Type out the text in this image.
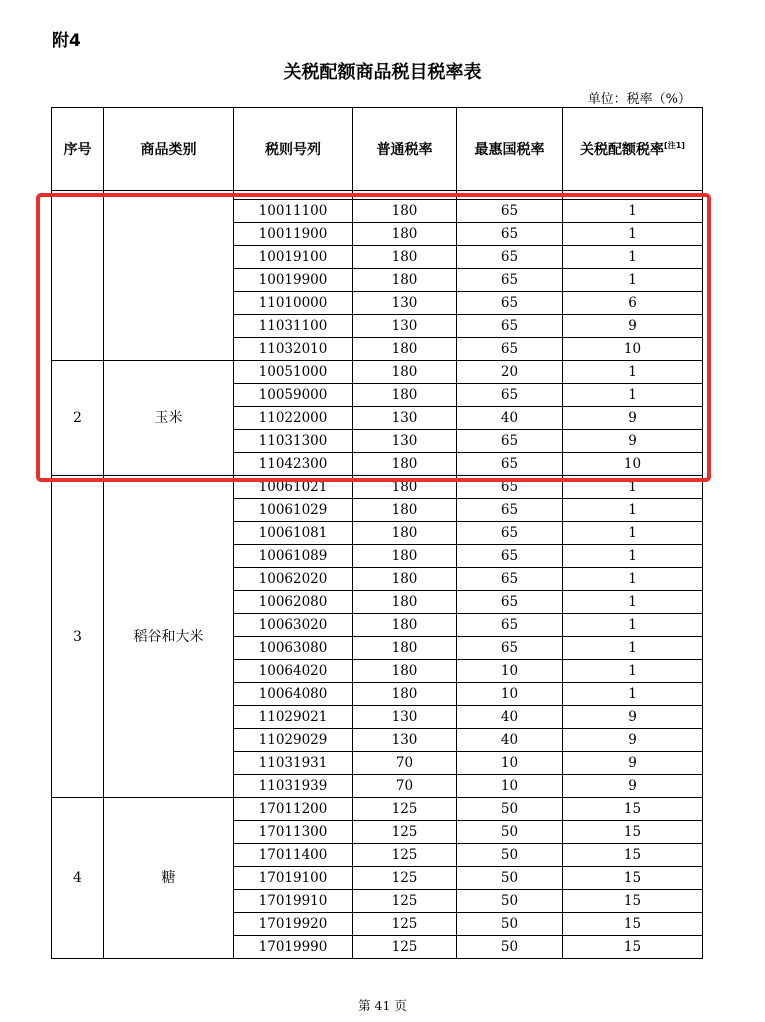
附4
关税配额商品税目税率表
单位：税率（%）
序号	商品类别	税则号列	普通税率	最惠国税率	关税配额税率[注1]

		10011100	180	65	1
		10011900	180	65	1
		10019100	180	65	1
		10019900	180	65	1
		11010000	130	65	6
		11031100	130	65	9
		11032010	180	65	10
2	玉米	10051000	180	20	1
		10059000	180	65	1
		11022000	130	40	9
		11031300	130	65	9
		11042300	180	65	10
3	稻谷和大米	10061021	180	65	1
		10061029	180	65	1
		10061081	180	65	1
		10061089	180	65	1
		10062020	180	65	1
		10062080	180	65	1
		10063020	180	65	1
		10063080	180	65	1
		10064020	180	10	1
		10064080	180	10	1
		11029021	130	40	9
		11029029	130	40	9
		11031931	70	10	9
		11031939	70	10	9
4	糖	17011200	125	50	15
		17011300	125	50	15
		17011400	125	50	15
		17019100	125	50	15
		17019910	125	50	15
		17019920	125	50	15
		17019990	125	50	15
第 41 页
